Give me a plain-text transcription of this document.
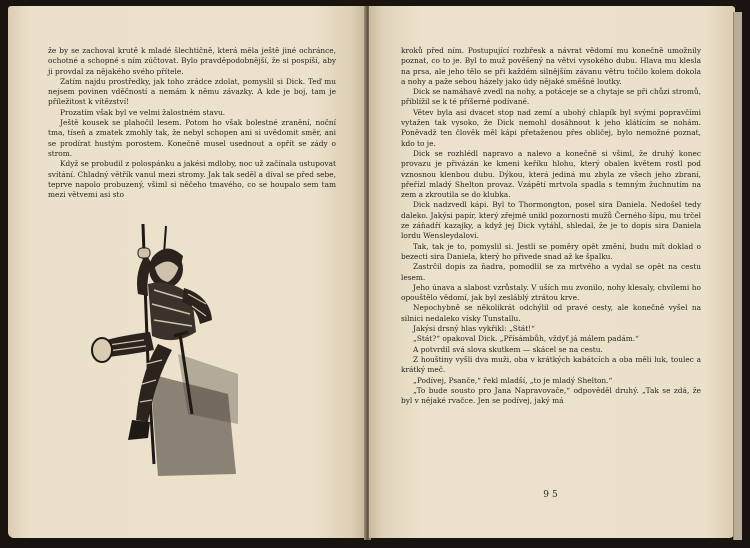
že by se zachoval krutě k mladé šlechtičně, která měla ještě jiné ochránce, ochotné a schopné s ním zúčtovat. Bylo pravděpodobnější, že si pospíší, aby ji provdal za nějakého svého přítele.

Zatím najdu prostředky, jak toho zrádce zdolat, pomyslil si Dick. Teď mu nejsem povinen vděčností a nemám k němu závazky. A kde je boj, tam je příležitost k vítězství!

Prozatím však byl ve velmi žalostném stavu.

Ještě kousek se plahočil lesem. Potom ho však bolestné zranění, noční tma, tíseň a zmatek zmohly tak, že nebyl schopen ani si uvědomit směr, ani se prodírat hustým porostem. Konečně musel usednout a opřít se zády o strom.

Když se probudil z polospánku a jakési mdloby, noc už začínala ustupovat svítání. Chladný větřík vanul mezi stromy. Jak tak seděl a díval se před sebe, teprve napolo probuzený, všiml si něčeho tmavého, co se houpalo sem tam mezi větvemi asi sto

kroků před ním. Postupující rozbřesk a návrat vědomí mu konečně umožnily poznat, co to je. Byl to muž pověšený na větvi vysokého dubu. Hlava mu klesla na prsa, ale jeho tělo se při každém silnějším závanu větru točilo kolem dokola a nohy a paže sebou házely jako údy nějaké směšné loutky.

Dick se namáhavě zvedl na nohy, a potáceje se a chytaje se při chůzi stromů, přiblížil se k té příšerné podívané.

Větev byla asi dvacet stop nad zemí a ubohý chlapík byl svými popravčími vytažen tak vysoko, že Dick nemohl dosáhnout k jeho klátícím se nohám. Poněvadž ten člověk měl kápi přetaženou přes obličej, bylo nemožné poznat, kdo to je.

Dick se rozhlédl napravo a nalevo a konečně si všiml, že druhý konec provazu je přivázán ke kmeni keříku hlohu, který obalen květem rostl pod vznosnou klenbou dubu. Dýkou, která jediná mu zbyla ze všech jeho zbraní, přeřízl mladý Shelton provaz. Vzápětí mrtvola spadla s temným žuchnutím na zem a zkroutila se do klubka.

Dick nadzvedl kápi. Byl to Thormongton, posel sira Daniela. Nedošel tedy daleko. Jakýsi papír, který zřejmě unikl pozornosti mužů Černého šípu, mu trčel ze záňadří kazajky, a když jej Dick vytáhl, shledal, že je to dopis sira Daniela lordu Wensleydalovi.

Tak, tak je to, pomyslil si. Jestli se poměry opět změní, budu mít doklad o bezecti sira Daniela, který ho přivede snad až ke špalku.

Zastrčil dopis za ňadra, pomodlil se za mrtvého a vydal se opět na cestu lesem.

Jeho únava a slabost vzrůstaly. V uších mu zvonilo, nohy klesaly, chvílemi ho opouštělo vědomí, jak byl zesláblý ztrátou krve.

Nepochybně se několikrát odchýlil od pravé cesty, ale konečně vyšel na silnici nedaleko vísky Tunstallu.

Jakýsi drsný hlas vykřikl: „Stát!“

„Stát?“ opakoval Dick. „Přísámbůh, vždyť já málem padám.“

A potvrdil svá slova skutkem — skácel se na cestu.

Z houštiny vyšli dva muži, oba v krátkých kabátcích a oba měli luk, toulec a krátký meč.

„Podívej, Psanče,“ řekl mladší, „to je mladý Shelton.“

„To bude sousto pro Jana Napravovače,“ odpověděl druhý. „Tak se zdá, že byl v nějaké rvačce. Jen se podívej, jaký má

95
